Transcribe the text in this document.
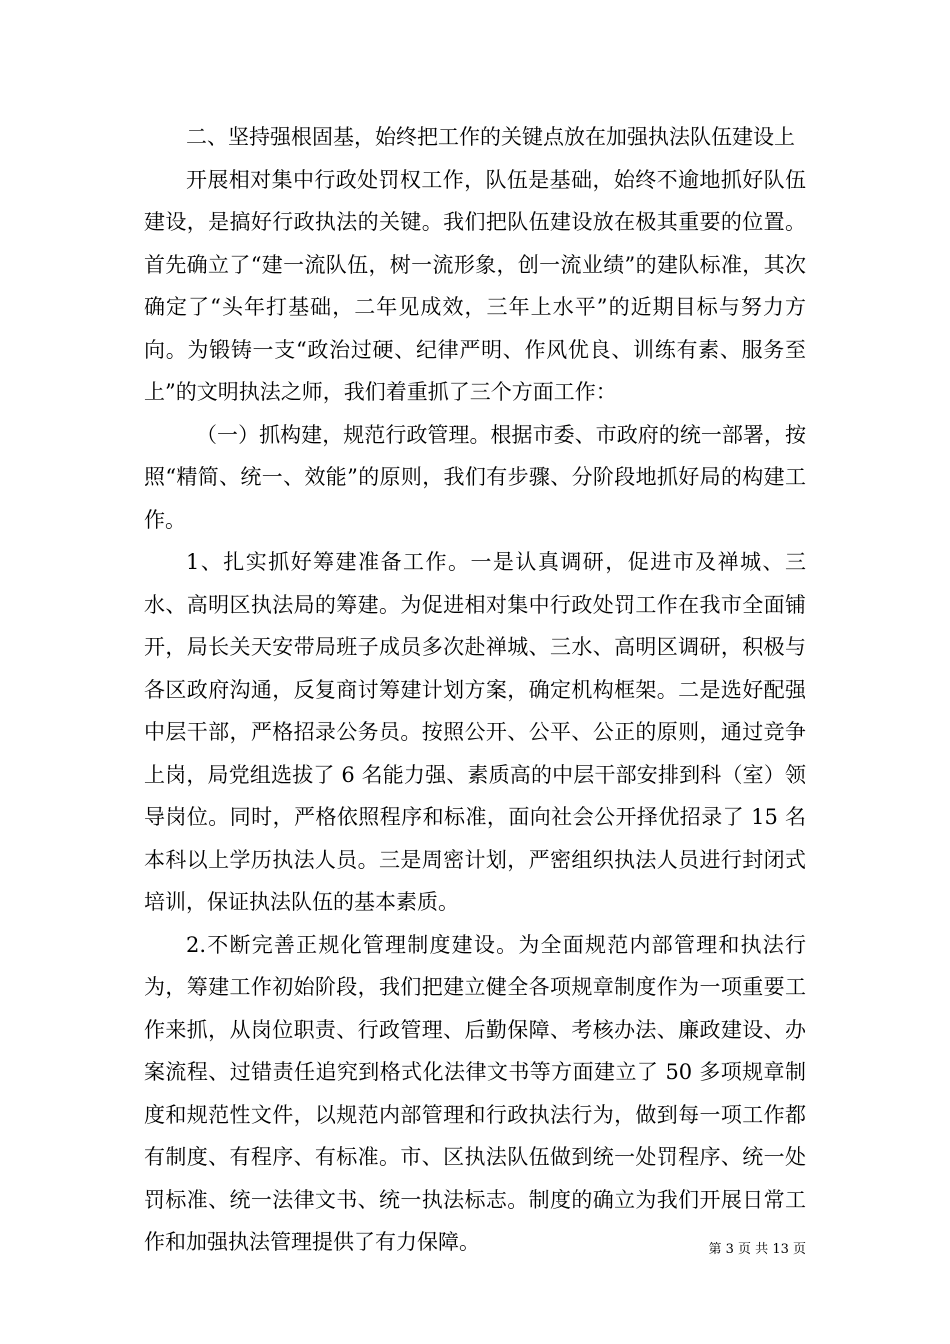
二、坚持强根固基，始终把工作的关键点放在加强执法队伍建设上

开展相对集中行政处罚权工作，队伍是基础，始终不逾地抓好队伍建设，是搞好行政执法的关键。我们把队伍建设放在极其重要的位置。首先确立了“建一流队伍，树一流形象，创一流业绩”的建队标准，其次确定了“头年打基础，二年见成效，三年上水平”的近期目标与努力方向。为锻铸一支“政治过硬、纪律严明、作风优良、训练有素、服务至上”的文明执法之师，我们着重抓了三个方面工作：

（一）抓构建，规范行政管理。根据市委、市政府的统一部署，按照“精简、统一、效能”的原则，我们有步骤、分阶段地抓好局的构建工作。

1、扎实抓好筹建准备工作。一是认真调研，促进市及禅城、三水、高明区执法局的筹建。为促进相对集中行政处罚工作在我市全面铺开，局长关天安带局班子成员多次赴禅城、三水、高明区调研，积极与各区政府沟通，反复商讨筹建计划方案，确定机构框架。二是选好配强中层干部，严格招录公务员。按照公开、公平、公正的原则，通过竞争上岗，局党组选拔了 6 名能力强、素质高的中层干部安排到科（室）领导岗位。同时，严格依照程序和标准，面向社会公开择优招录了 15 名本科以上学历执法人员。三是周密计划，严密组织执法人员进行封闭式培训，保证执法队伍的基本素质。

2.不断完善正规化管理制度建设。为全面规范内部管理和执法行为，筹建工作初始阶段，我们把建立健全各项规章制度作为一项重要工作来抓，从岗位职责、行政管理、后勤保障、考核办法、廉政建设、办案流程、过错责任追究到格式化法律文书等方面建立了 50 多项规章制度和规范性文件，以规范内部管理和行政执法行为，做到每一项工作都有制度、有程序、有标准。市、区执法队伍做到统一处罚程序、统一处罚标准、统一法律文书、统一执法标志。制度的确立为我们开展日常工作和加强执法管理提供了有力保障。	第 3 页 共 13 页
